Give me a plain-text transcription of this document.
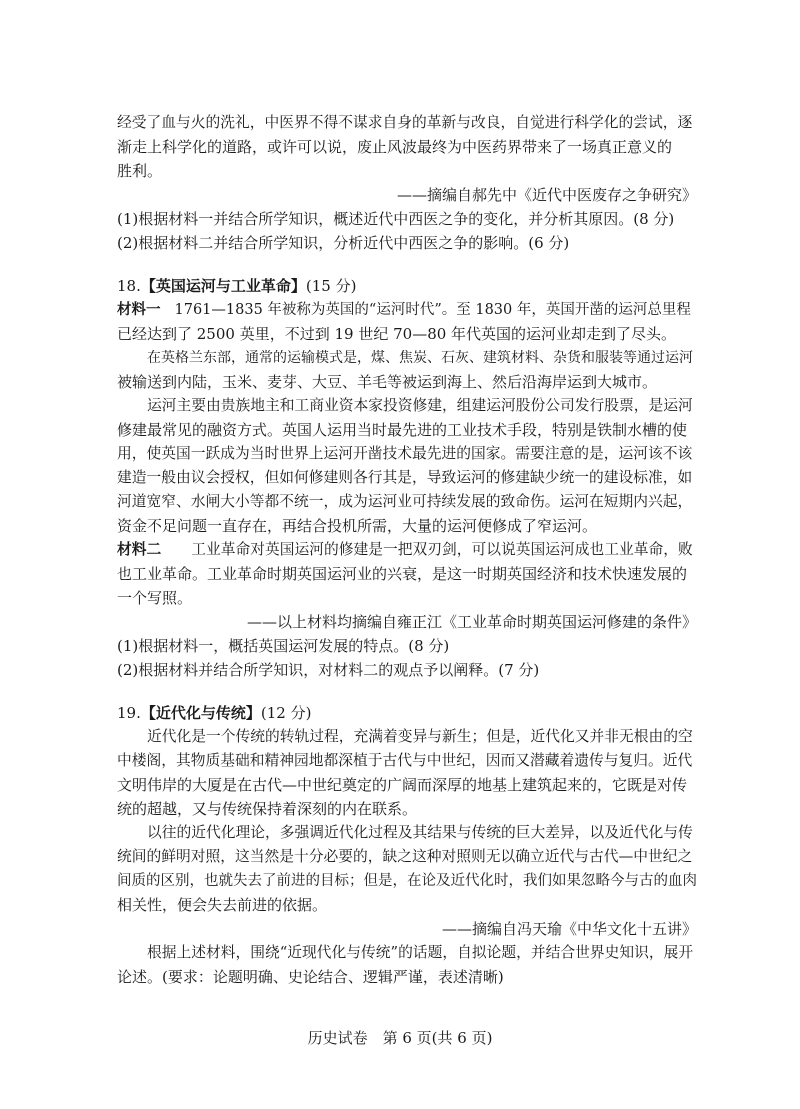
经受了血与火的洗礼，中医界不得不谋求自身的革新与改良，自觉进行科学化的尝试，逐
渐走上科学化的道路，或许可以说，废止风波最终为中医药界带来了一场真正意义的
胜利。
——摘编自郝先中《近代中医废存之争研究》
(1)根据材料一并结合所学知识，概述近代中西医之争的变化，并分析其原因。(8 分)
(2)根据材料二并结合所学知识，分析近代中西医之争的影响。(6 分)
18.【英国运河与工业革命】(15 分)
材料一 1761—1835 年被称为英国的“运河时代”。至 1830 年，英国开凿的运河总里程
已经达到了 2500 英里，不过到 19 世纪 70—80 年代英国的运河业却走到了尽头。
在英格兰东部，通常的运输模式是，煤、焦炭、石灰、建筑材料、杂货和服装等通过运河
被输送到内陆，玉米、麦芽、大豆、羊毛等被运到海上、然后沿海岸运到大城市。
运河主要由贵族地主和工商业资本家投资修建，组建运河股份公司发行股票，是运河
修建最常见的融资方式。英国人运用当时最先进的工业技术手段，特别是铁制水槽的使
用，使英国一跃成为当时世界上运河开凿技术最先进的国家。需要注意的是，运河该不该
建造一般由议会授权，但如何修建则各行其是，导致运河的修建缺少统一的建设标准，如
河道宽窄、水闸大小等都不统一，成为运河业可持续发展的致命伤。运河在短期内兴起，
资金不足问题一直存在，再结合投机所需，大量的运河便修成了窄运河。
材料二 工业革命对英国运河的修建是一把双刃剑，可以说英国运河成也工业革命，败
也工业革命。工业革命时期英国运河业的兴衰，是这一时期英国经济和技术快速发展的
一个写照。
——以上材料均摘编自雍正江《工业革命时期英国运河修建的条件》
(1)根据材料一，概括英国运河发展的特点。(8 分)
(2)根据材料并结合所学知识，对材料二的观点予以阐释。(7 分)
19.【近代化与传统】(12 分)
近代化是一个传统的转轨过程，充满着变异与新生；但是，近代化又并非无根由的空
中楼阁，其物质基础和精神园地都深植于古代与中世纪，因而又潜藏着遗传与复归。近代
文明伟岸的大厦是在古代—中世纪奠定的广阔而深厚的地基上建筑起来的，它既是对传
统的超越，又与传统保持着深刻的内在联系。
以往的近代化理论，多强调近代化过程及其结果与传统的巨大差异，以及近代化与传
统间的鲜明对照，这当然是十分必要的，缺之这种对照则无以确立近代与古代—中世纪之
间质的区别，也就失去了前进的目标；但是，在论及近代化时，我们如果忽略今与古的血肉
相关性，便会失去前进的依据。
——摘编自冯天瑜《中华文化十五讲》
根据上述材料，围绕“近现代化与传统”的话题，自拟论题，并结合世界史知识，展开
论述。(要求：论题明确、史论结合、逻辑严谨，表述清晰)
历史试卷　第 6 页(共 6 页)
